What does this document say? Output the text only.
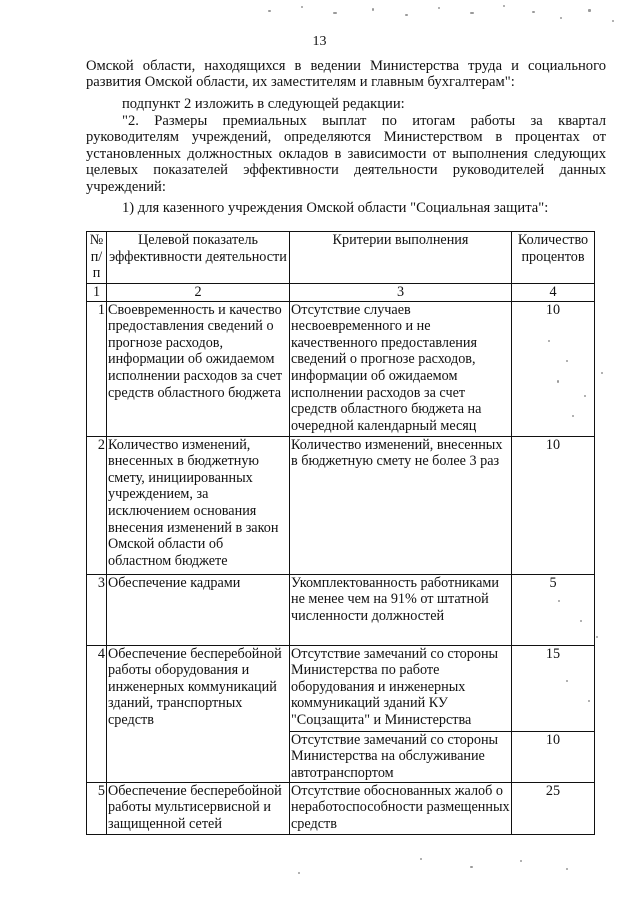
13
Омской области, находящихся в ведении Министерства труда и социального развития Омской области, их заместителям и главным бухгалтерам":
подпункт 2 изложить в следующей редакции:
"2. Размеры премиальных выплат по итогам работы за квартал руководителям учреждений, определяются Министерством в процентах от установленных должностных окладов в зависимости от выполнения следующих целевых показателей эффективности деятельности руководителей данных учреждений:
1) для казенного учреждения Омской области "Социальная защита":
№ п/п	Целевой показатель эффективности деятельности	Критерии выполнения	Количество процентов
1	2	3	4
1	Своевременность и качество предоставления сведений о прогнозе расходов, информации об ожидаемом исполнении расходов за счет средств областного бюджета	Отсутствие случаев несвоевременного и не качественного предоставления сведений о прогнозе расходов, информации об ожидаемом исполнении расходов за счет средств областного бюджета на очередной календарный месяц	10
2	Количество изменений, внесенных в бюджетную смету, инициированных учреждением, за исключением основания внесения изменений в закон Омской области об областном бюджете	Количество изменений, внесенных в бюджетную смету не более 3 раз	10
3	Обеспечение кадрами	Укомплектованность работниками не менее чем на 91% от штатной численности должностей	5
4	Обеспечение бесперебойной работы оборудования и инженерных коммуникаций зданий, транспортных средств	Отсутствие замечаний со стороны Министерства по работе оборудования и инженерных коммуникаций зданий КУ "Соцзащита" и Министерства	15
		Отсутствие замечаний со стороны Министерства на обслуживание автотранспортом	10
5	Обеспечение бесперебойной работы мультисервисной и защищенной сетей	Отсутствие обоснованных жалоб о неработоспособности размещенных средств	25
